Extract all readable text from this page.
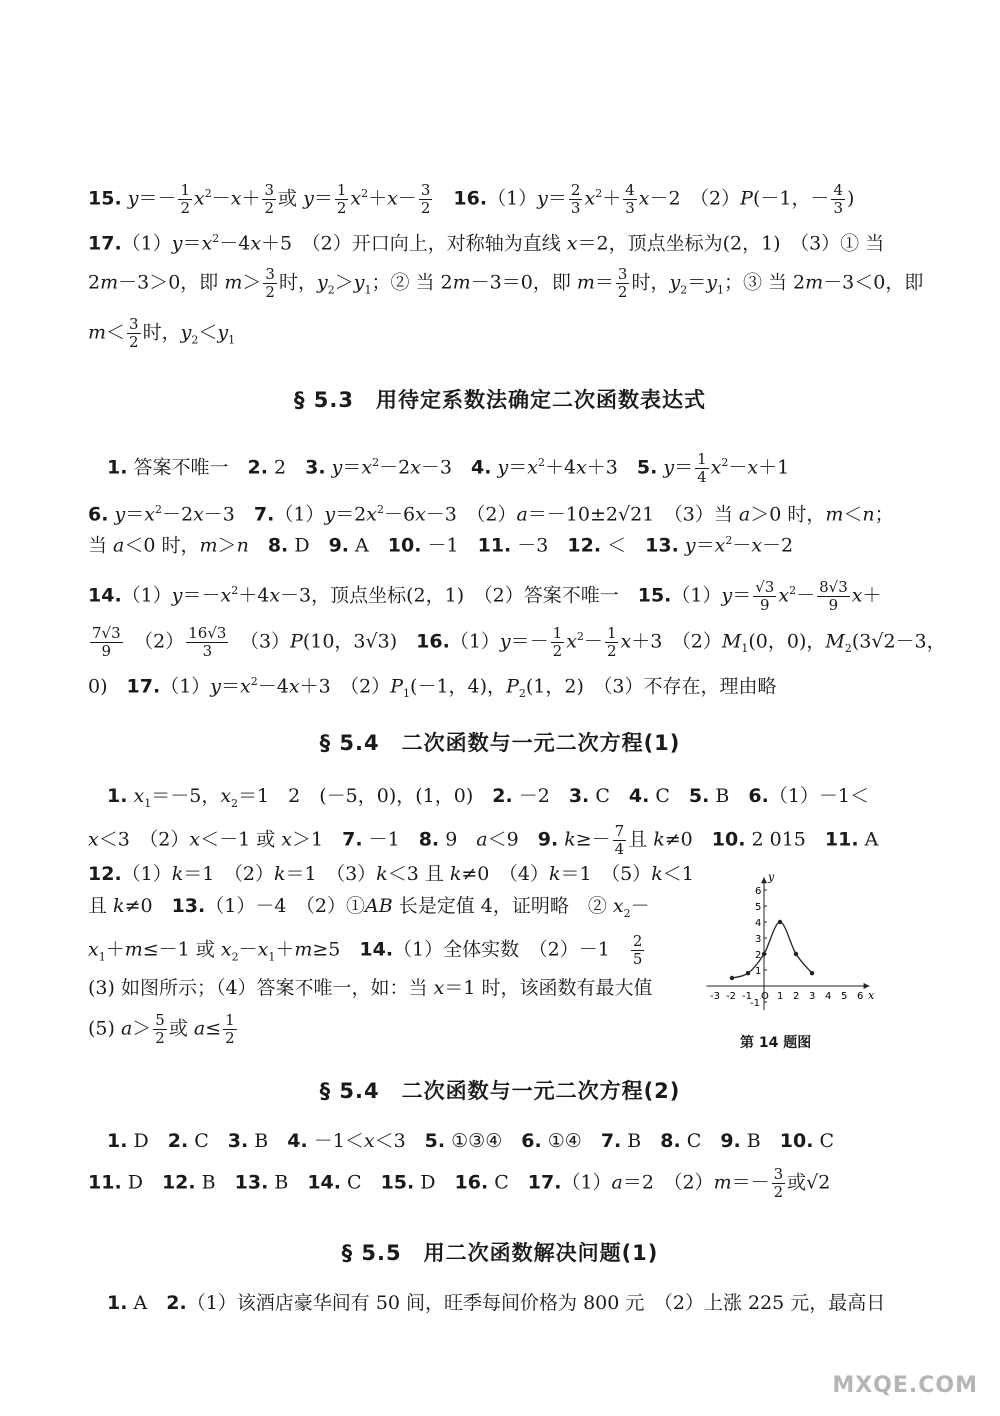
15. $y=- \frac{1}{2} x^2-x+ \frac{3}{2}$ 或 $y= \frac{1}{2} x^2+x- \frac{3}{2}$
　 $16.(1)y= \frac{2}{3} x^2+ \frac{4}{3} x-2$　（2）P(－1，－ $\frac{4}{3}$ )
$17.(1)y=x^2-4x+5$　（2）开口向上，对称轴为直线 x＝2，顶点坐标为(2，1)　（3）① 当
2m－3＞0，即 $m> \frac{3}{2}$ 时，$y_2>y_1$；② 当 2m－3＝0，即 $m= \frac{3}{2}$ 时，$y_2=y_1$；③ 当 2m－3＜0，即
$m< \frac{3}{2}$ 时，$y_2<y_1$
　1. 答案不唯一　2. 2　3. $y=x^2-2x-3$　4. $y=x^2+4x+3$　5. $y= \frac{1}{4} x^2-x+1$
6. $y=x^2-2x-3$　$7.(1)y=2x^2-6x-3$　（2）a＝－10±2√21　（3）当 a＞0 时，m＜n；
当 a＜0 时，m＞n　 8. D　9. A　10. －1　11. －3　12. ＜　13. $y=x^2-x-2$
$14.(1)y=-x^2+4x-3$，顶点坐标(2，1)　（2）答案不唯一　$15.(1)y= \frac{√3}{9} x^2- \frac{8√3}{9} x+$
$\frac{7√3}{9}$ 　$(2) \frac{16√3}{3}$ 　（3）P(10，3√3)　$16.(1)y=- \frac{1}{2} x^2- \frac{1}{2} x+3$　$(2)M_1(0$，0)，$M_2(3√2-3$，
0)　$17.(1)y=x^2-4x+3$　$(2)P_1(-1$，4)，$P_2(1$，2)　（3）不存在，理由略
　1. $x_1=-5$，$x_2=1$　2　(－5，0)，(1，0)　2. －2　3. C　4. C　5. B　6.（1）－1＜
x＜3　（2）x＜－1 或 x＞1　7. －1　8. 9　a＜9　9. $k\ge- \frac{7}{4}$ 且 k≠0　10. 2 015　11. A
12.（1）k＝1　（2）k＝1　（3）k＜3 且 k≠0　（4）k＝1　（5）k＜1
且 k≠0　13.（1）－4　（2）①AB 长是定值 4，证明略　② $x_2-$
$x_1+m\le-1$ 或 $x_2-x_1+m\ge 5$　14.（1）全体实数　（2）－1　 $\frac{2}{5}$
(3) 如图所示；（4）答案不唯一，如：当 x＝1 时，该函数有最大值
(5) $a> \frac{5}{2}$ 或 $a\le \frac{1}{2}$
　1. D　2. C　3. B　4. －1＜x＜3　5. ①③④　6. ①④　7. B　8. C　9. B　10. C
11. D　12. B　13. B　14. C　15. D　16. C　17.（1）a＝2　$(2)m=- \frac{3}{2}$ 或√2
　1. A　2.（1）该酒店豪华间有 50 间，旺季每间价格为 800 元　（2）上涨 225 元，最高日
§ 5.3　用待定系数法确定二次函数表达式
§ 5.4　二次函数与一元二次方程(1)
§ 5.4　二次函数与一元二次方程(2)
§ 5.5　用二次函数解决问题(1)
-3 -2 -1 O 1 2 3 4 5 6
-1
1
2
3
4
5
6
x
y
第 14 题图
MXQE.COM
